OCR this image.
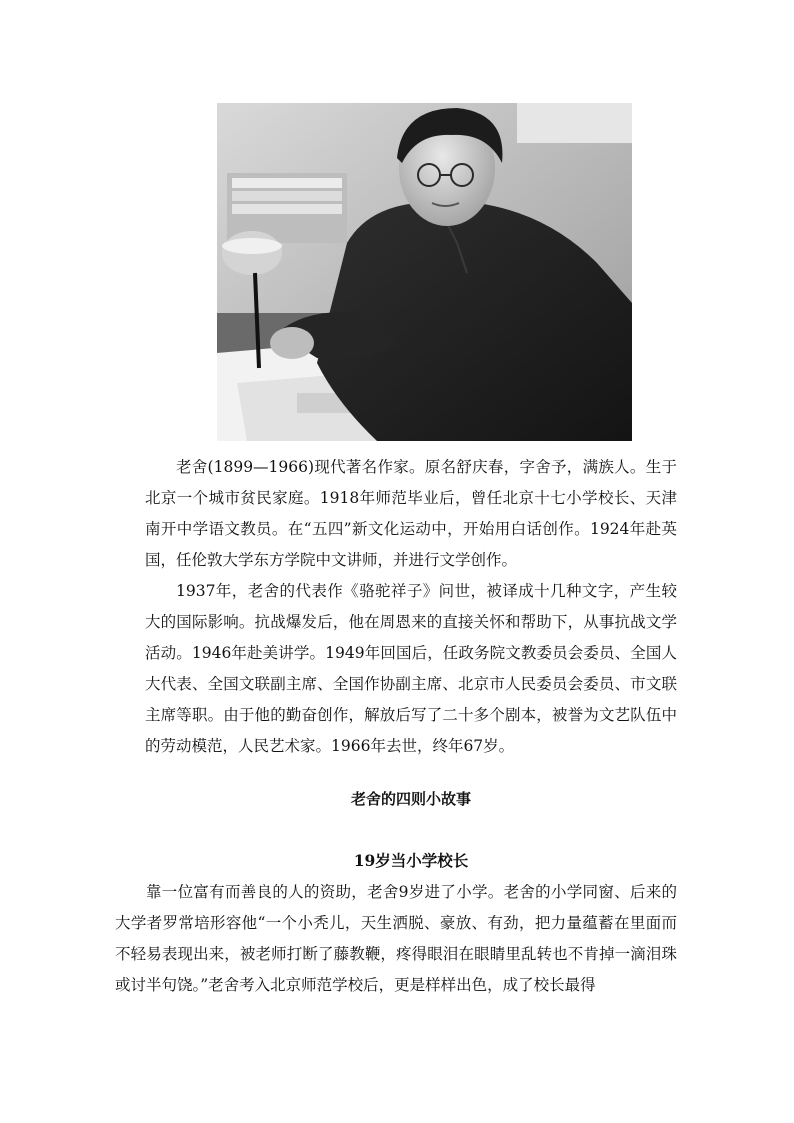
老舍(1899—1966)现代著名作家。原名舒庆春，字舍予，满族人。生于北京一个城市贫民家庭。1918年师范毕业后，曾任北京十七小学校长、天津南开中学语文教员。在“五四”新文化运动中，开始用白话创作。1924年赴英国，任伦敦大学东方学院中文讲师，并进行文学创作。

1937年，老舍的代表作《骆驼祥子》问世，被译成十几种文字，产生较大的国际影响。抗战爆发后，他在周恩来的直接关怀和帮助下，从事抗战文学活动。1946年赴美讲学。1949年回国后，任政务院文教委员会委员、全国人大代表、全国文联副主席、全国作协副主席、北京市人民委员会委员、市文联主席等职。由于他的勤奋创作，解放后写了二十多个剧本，被誉为文艺队伍中的劳动模范，人民艺术家。1966年去世，终年67岁。

老舍的四则小故事
19岁当小学校长

靠一位富有而善良的人的资助，老舍9岁进了小学。老舍的小学同窗、后来的大学者罗常培形容他“一个小秃儿，天生洒脱、豪放、有劲，把力量蕴蓄在里面而不轻易表现出来，被老师打断了藤教鞭，疼得眼泪在眼睛里乱转也不肯掉一滴泪珠或讨半句饶。”老舍考入北京师范学校后，更是样样出色，成了校长最得
